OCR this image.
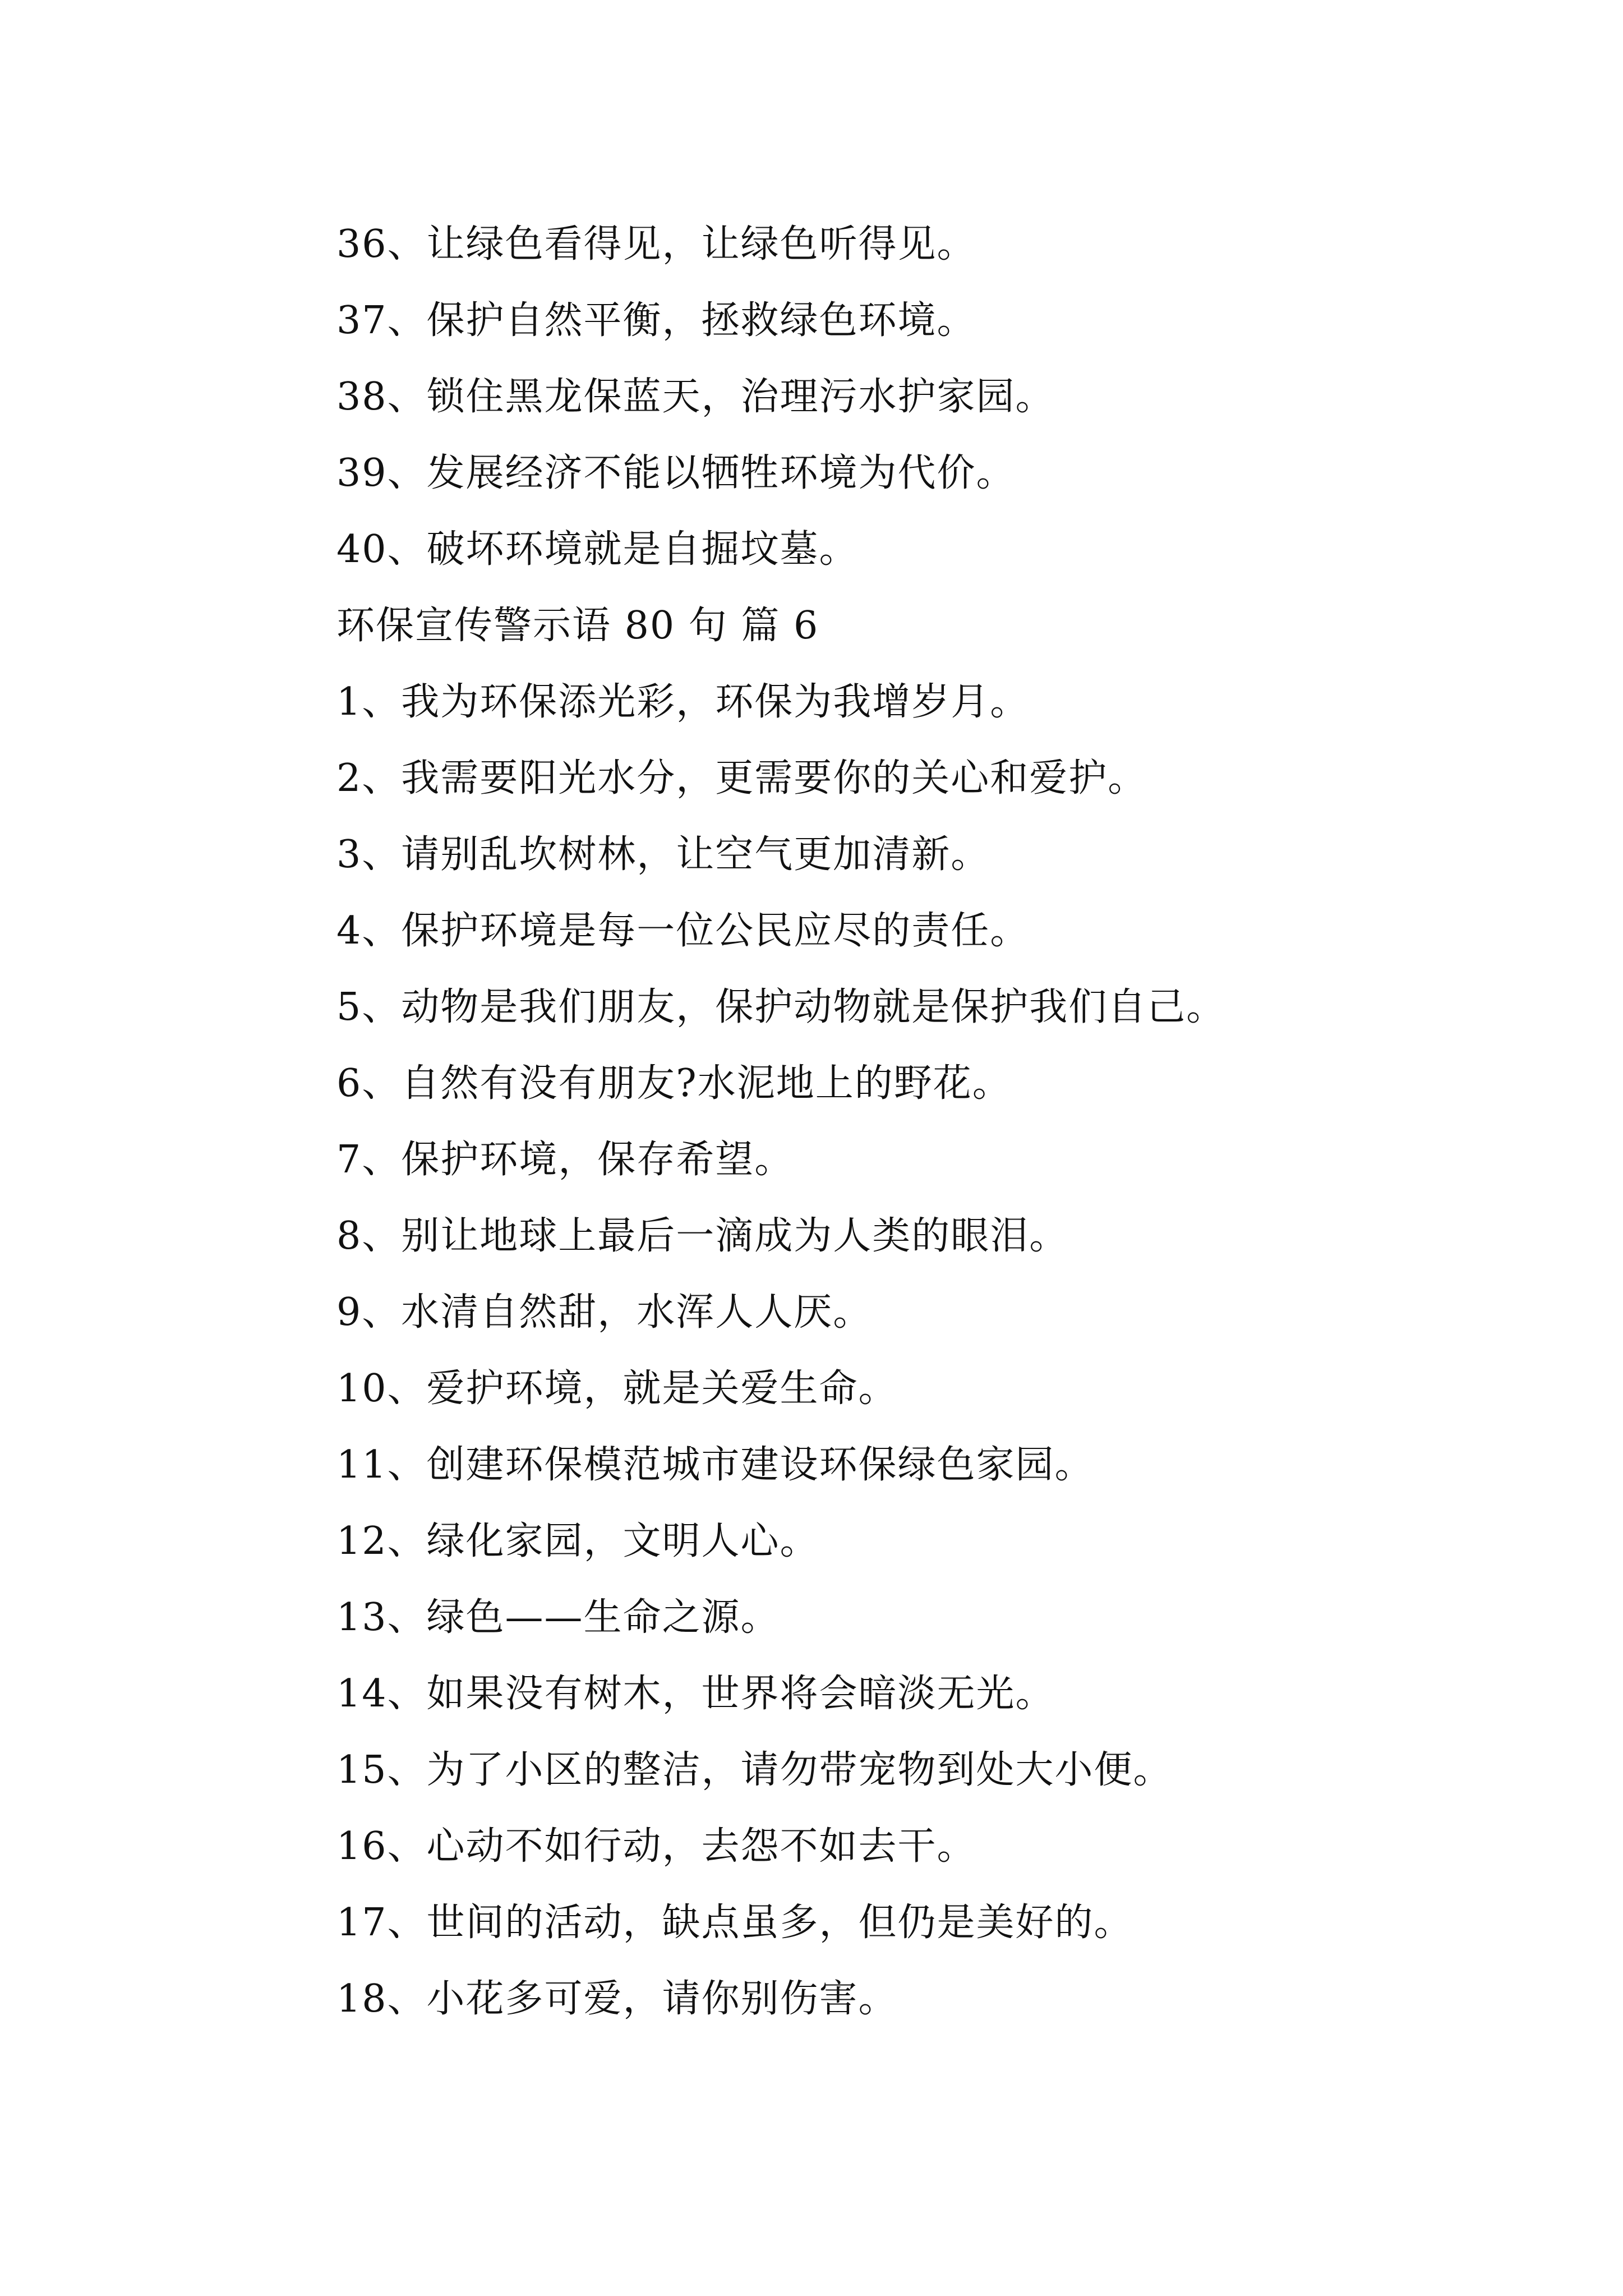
36、让绿色看得见，让绿色听得见。
37、保护自然平衡，拯救绿色环境。
38、锁住黑龙保蓝天，治理污水护家园。
39、发展经济不能以牺牲环境为代价。
40、破坏环境就是自掘坟墓。
环保宣传警示语 80 句 篇 6
1、我为环保添光彩，环保为我增岁月。
2、我需要阳光水分，更需要你的关心和爱护。
3、请别乱坎树林，让空气更加清新。
4、保护环境是每一位公民应尽的责任。
5、动物是我们朋友，保护动物就是保护我们自己。
6、自然有没有朋友?水泥地上的野花。
7、保护环境，保存希望。
8、别让地球上最后一滴成为人类的眼泪。
9、水清自然甜，水浑人人厌。
10、爱护环境，就是关爱生命。
11、创建环保模范城市建设环保绿色家园。
12、绿化家园，文明人心。
13、绿色——生命之源。
14、如果没有树木，世界将会暗淡无光。
15、为了小区的整洁，请勿带宠物到处大小便。
16、心动不如行动，去怨不如去干。
17、世间的活动，缺点虽多，但仍是美好的。
18、小花多可爱，请你别伤害。
